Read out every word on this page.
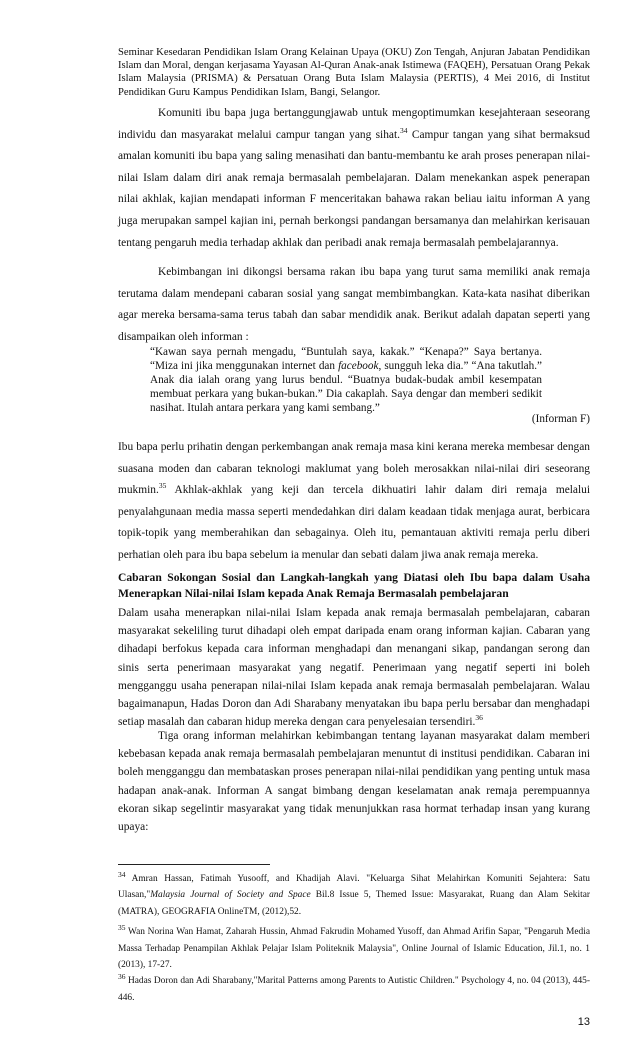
Seminar Kesedaran Pendidikan Islam Orang Kelainan Upaya (OKU) Zon Tengah, Anjuran Jabatan Pendidikan Islam dan Moral, dengan kerjasama Yayasan Al-Quran Anak-anak Istimewa (FAQEH), Persatuan Orang Pekak Islam Malaysia (PRISMA) & Persatuan Orang Buta Islam Malaysia (PERTIS), 4 Mei 2016, di Institut Pendidikan Guru Kampus Pendidikan Islam, Bangi, Selangor.

Komuniti ibu bapa juga bertanggungjawab untuk mengoptimumkan kesejahteraan seseorang individu dan masyarakat melalui campur tangan yang sihat.$^{34}$ Campur tangan yang sihat bermaksud amalan komuniti ibu bapa yang saling menasihati dan bantu-membantu ke arah proses penerapan nilai-nilai Islam dalam diri anak remaja bermasalah pembelajaran. Dalam menekankan aspek penerapan nilai akhlak, kajian mendapati informan F menceritakan bahawa rakan beliau iaitu informan A yang juga merupakan sampel kajian ini, pernah berkongsi pandangan bersamanya dan melahirkan kerisauan tentang pengaruh media terhadap akhlak dan peribadi anak remaja bermasalah pembelajarannya.

Kebimbangan ini dikongsi bersama rakan ibu bapa yang turut sama memiliki anak remaja terutama dalam mendepani cabaran sosial yang sangat membimbangkan. Kata-kata nasihat diberikan agar mereka bersama-sama terus tabah dan sabar mendidik anak. Berikut adalah dapatan seperti yang disampaikan oleh informan :

“Kawan saya pernah mengadu, “Buntulah saya, kakak.” “Kenapa?” Saya bertanya. “Miza ini jika menggunakan internet dan facebook, sungguh leka dia.” “Ana takutlah.” Anak dia ialah orang yang lurus bendul. “Buatnya budak-budak ambil kesempatan membuat perkara yang bukan-bukan.” Dia cakaplah. Saya dengar dan memberi sedikit nasihat. Itulah antara perkara yang kami sembang.”
(Informan F)

Ibu bapa perlu prihatin dengan perkembangan anak remaja masa kini kerana mereka membesar dengan suasana moden dan cabaran teknologi maklumat yang boleh merosakkan nilai-nilai diri seseorang mukmin.$^{35}$ Akhlak-akhlak yang keji dan tercela dikhuatiri lahir dalam diri remaja melalui penyalahgunaan media massa seperti mendedahkan diri dalam keadaan tidak menjaga aurat, berbicara topik-topik yang memberahikan dan sebagainya. Oleh itu, pemantauan aktiviti remaja perlu diberi perhatian oleh para ibu bapa sebelum ia menular dan sebati dalam jiwa anak remaja mereka.

Cabaran Sokongan Sosial dan Langkah-langkah yang Diatasi oleh Ibu bapa dalam Usaha Menerapkan Nilai-nilai Islam kepada Anak Remaja Bermasalah pembelajaran

Dalam usaha menerapkan nilai-nilai Islam kepada anak remaja bermasalah pembelajaran, cabaran masyarakat sekeliling turut dihadapi oleh empat daripada enam orang informan kajian. Cabaran yang dihadapi berfokus kepada cara informan menghadapi dan menangani sikap, pandangan serong dan sinis serta penerimaan masyarakat yang negatif. Penerimaan yang negatif seperti ini boleh mengganggu usaha penerapan nilai-nilai Islam kepada anak remaja bermasalah pembelajaran. Walau bagaimanapun, Hadas Doron dan Adi Sharabany menyatakan ibu bapa perlu bersabar dan menghadapi setiap masalah dan cabaran hidup mereka dengan cara penyelesaian tersendiri.$^{36}$

Tiga orang informan melahirkan kebimbangan tentang layanan masyarakat dalam memberi kebebasan kepada anak remaja bermasalah pembelajaran menuntut di institusi pendidikan. Cabaran ini boleh mengganggu dan membataskan proses penerapan nilai-nilai pendidikan yang penting untuk masa hadapan anak-anak. Informan A sangat bimbang dengan keselamatan anak remaja perempuannya ekoran sikap segelintir masyarakat yang tidak menunjukkan rasa hormat terhadap insan yang kurang upaya:

$^{34}$ Amran Hassan, Fatimah Yusooff, and Khadijah Alavi. "Keluarga Sihat Melahirkan Komuniti Sejahtera: Satu Ulasan,"Malaysia Journal of Society and Space Bil.8 Issue 5, Themed Issue: Masyarakat, Ruang dan Alam Sekitar (MATRA), GEOGRAFIA OnlineTM, (2012),52.

$^{35}$ Wan Norina Wan Hamat, Zaharah Hussin, Ahmad Fakrudin Mohamed Yusoff, dan Ahmad Arifin Sapar, "Pengaruh Media Massa Terhadap Penampilan Akhlak Pelajar Islam Politeknik Malaysia", Online Journal of Islamic Education, Jil.1, no. 1 (2013), 17-27.

$^{36}$ Hadas Doron dan Adi Sharabany,"Marital Patterns among Parents to Autistic Children." Psychology 4, no. 04 (2013), 445-446.

13
